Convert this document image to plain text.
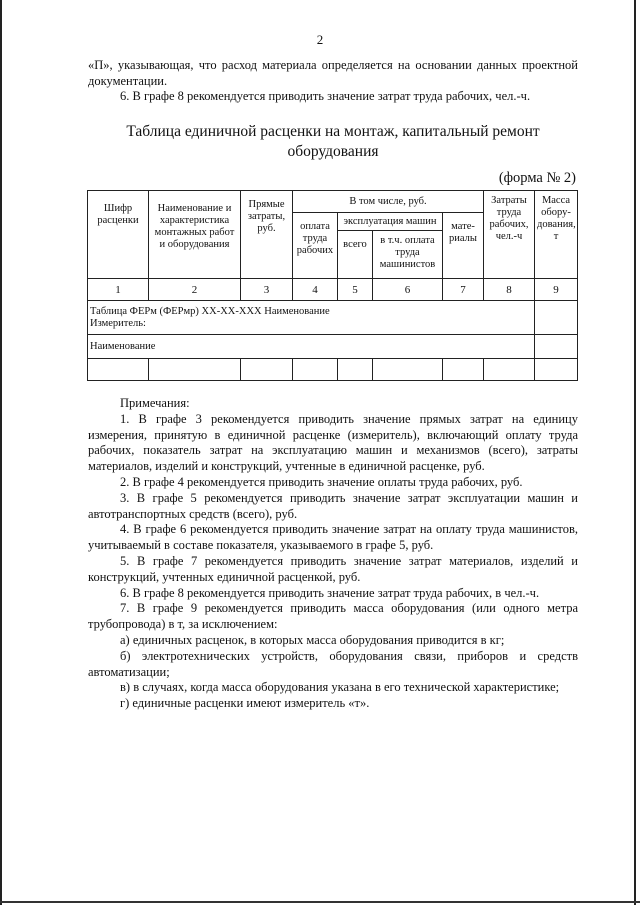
2

«П», указывающая, что расход материала определяется на основании данных проектной документации.

6. В графе 8 рекомендуется приводить значение затрат труда рабочих, чел.-ч.

Таблица единичной расценки на монтаж, капитальный ремонт
оборудования
(форма № 2)
Шифр расценки	Наименование и характеристика монтажных работ и оборудования	Прямые затраты, руб.	В том числе, руб.				Затраты труда рабочих, чел.-ч	Масса обору-дования, т
			оплата труда рабочих	эксплуатация машин		мате-риалы		
				всего	в т.ч. оплата труда машинистов			
1	2	3	4	5	6	7	8	9

Таблица ФЕРм (ФЕРмр) XX-XX-XXX Наименование
Измеритель:								

Наименование								

Примечания:

1. В графе 3 рекомендуется приводить значение прямых затрат на единицу измерения, принятую в единичной расценке (измеритель), включающий оплату труда рабочих, показатель затрат на эксплуатацию машин и механизмов (всего), затраты материалов, изделий и конструкций, учтенные в единичной расценке, руб.

2. В графе 4 рекомендуется приводить значение оплаты труда рабочих, руб.

3. В графе 5 рекомендуется приводить значение затрат эксплуатации машин и автотранспортных средств (всего), руб.

4. В графе 6 рекомендуется приводить значение затрат на оплату труда машинистов, учитываемый в составе показателя, указываемого в графе 5, руб.

5. В графе 7 рекомендуется приводить значение затрат материалов, изделий и конструкций, учтенных единичной расценкой, руб.

6. В графе 8 рекомендуется приводить значение затрат труда рабочих, в чел.-ч.

7. В графе 9 рекомендуется приводить масса оборудования (или одного метра трубопровода) в т, за исключением:

а) единичных расценок, в которых масса оборудования приводится в кг;

б) электротехнических устройств, оборудования связи, приборов и средств автоматизации;

в) в случаях, когда масса оборудования указана в его технической характеристике;

г) единичные расценки имеют измеритель «т».
